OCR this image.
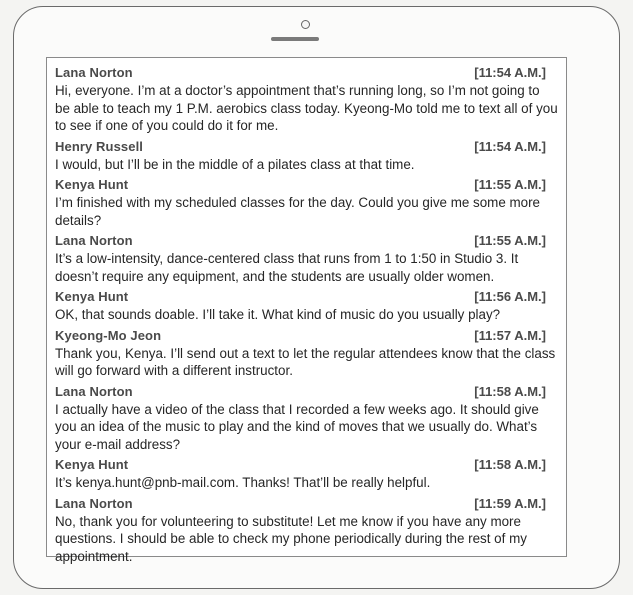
Lana Norton	[11:54 A.M.]
Hi, everyone. I’m at a doctor’s appointment that’s running long, so I’m not going to be able to teach my 1 P.M. aerobics class today. Kyeong-Mo told me to text all of you to see if one of you could do it for me.
Henry Russell	[11:54 A.M.]
I would, but I’ll be in the middle of a pilates class at that time.
Kenya Hunt	[11:55 A.M.]
I’m finished with my scheduled classes for the day. Could you give me some more details?
Lana Norton	[11:55 A.M.]
It’s a low-intensity, dance-centered class that runs from 1 to 1:50 in Studio 3. It doesn’t require any equipment, and the students are usually older women.
Kenya Hunt	[11:56 A.M.]
OK, that sounds doable. I’ll take it. What kind of music do you usually play?
Kyeong-Mo Jeon	[11:57 A.M.]
Thank you, Kenya. I’ll send out a text to let the regular attendees know that the class will go forward with a different instructor.
Lana Norton	[11:58 A.M.]
I actually have a video of the class that I recorded a few weeks ago. It should give you an idea of the music to play and the kind of moves that we usually do. What’s your e-mail address?
Kenya Hunt	[11:58 A.M.]
It’s kenya.hunt@pnb-mail.com. Thanks! That’ll be really helpful.
Lana Norton	[11:59 A.M.]
No, thank you for volunteering to substitute! Let me know if you have any more questions. I should be able to check my phone periodically during the rest of my appointment.
